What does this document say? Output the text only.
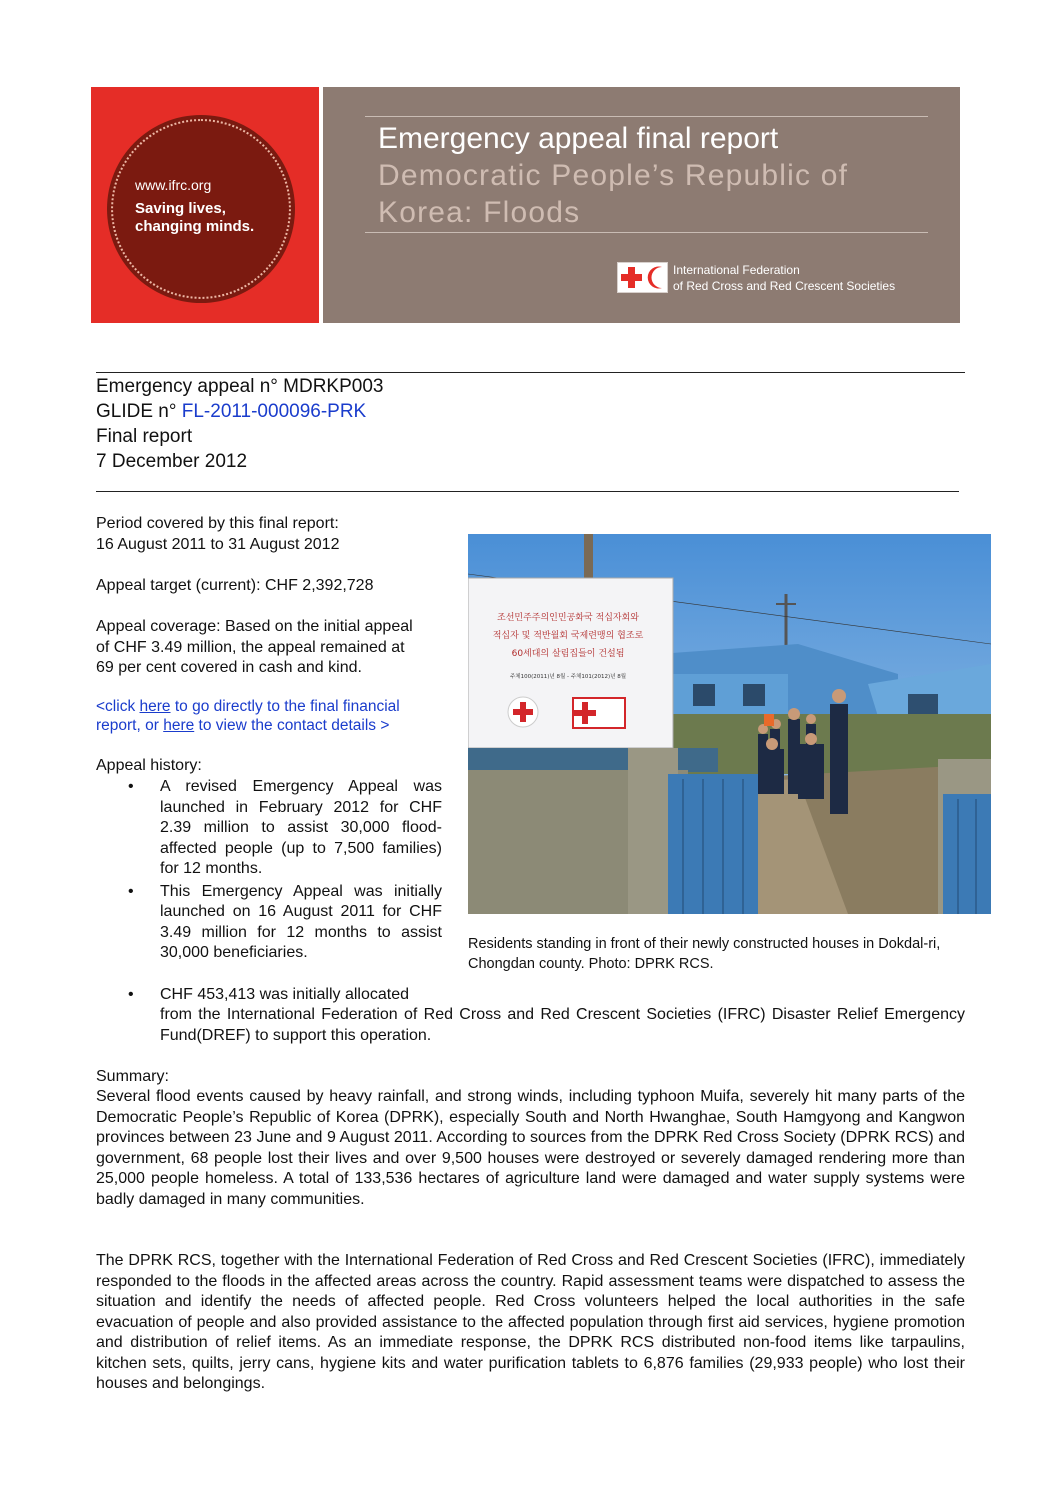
www.ifrc.org
Saving lives,
changing minds.
Emergency appeal final report
Democratic People’s Republic of
Korea: Floods
International Federation
of Red Cross and Red Crescent Societies
Emergency appeal n° MDRKP003
GLIDE n° FL-2011-000096-PRK
Final report
7 December 2012
Period covered by this final report:
16 August 2011 to 31 August 2012
Appeal target (current): CHF 2,392,728
Appeal coverage: Based on the initial appeal of CHF 3.49 million, the appeal remained at 69 per cent covered in cash and kind.
<click here to go directly to the final financial report, or here to view the contact details >
Appeal history:
• A revised Emergency Appeal was launched in February 2012 for CHF 2.39 million to assist 30,000 flood-affected people (up to 7,500 families) for 12 months.
• This Emergency Appeal was initially launched on 16 August 2011 for CHF 3.49 million for 12 months to assist 30,000 beneficiaries.
•	CHF 453,413 was initially allocated
from the International Federation of Red Cross and Red Crescent Societies (IFRC) Disaster Relief Emergency Fund(DREF) to support this operation.
조선민주주의인민공화국 적십자회와
적십자 및 적반월회 국제련맹의 협조로
60세대의 살림집들이 건설됨
주체100(2011)년 8월 - 주체101(2012)년 8월
Residents standing in front of their newly constructed houses in Dokdal-ri, Chongdan county. Photo: DPRK RCS.
Summary:
Several flood events caused by heavy rainfall, and strong winds, including typhoon Muifa, severely hit many parts of the Democratic People’s Republic of Korea (DPRK), especially South and North Hwanghae, South Hamgyong and Kangwon provinces between 23 June and 9 August 2011. According to sources from the DPRK Red Cross Society (DPRK RCS) and government, 68 people lost their lives and over 9,500 houses were destroyed or severely damaged rendering more than 25,000 people homeless. A total of 133,536 hectares of agriculture land were damaged and water supply systems were badly damaged in many communities.
The DPRK RCS, together with the International Federation of Red Cross and Red Crescent Societies (IFRC), immediately responded to the floods in the affected areas across the country. Rapid assessment teams were dispatched to assess the situation and identify the needs of affected people. Red Cross volunteers helped the local authorities in the safe evacuation of people and also provided assistance to the affected population through first aid services, hygiene promotion and distribution of relief items. As an immediate response, the DPRK RCS distributed non-food items like tarpaulins, kitchen sets, quilts, jerry cans, hygiene kits and water purification tablets to 6,876 families (29,933 people) who lost their houses and belongings.
